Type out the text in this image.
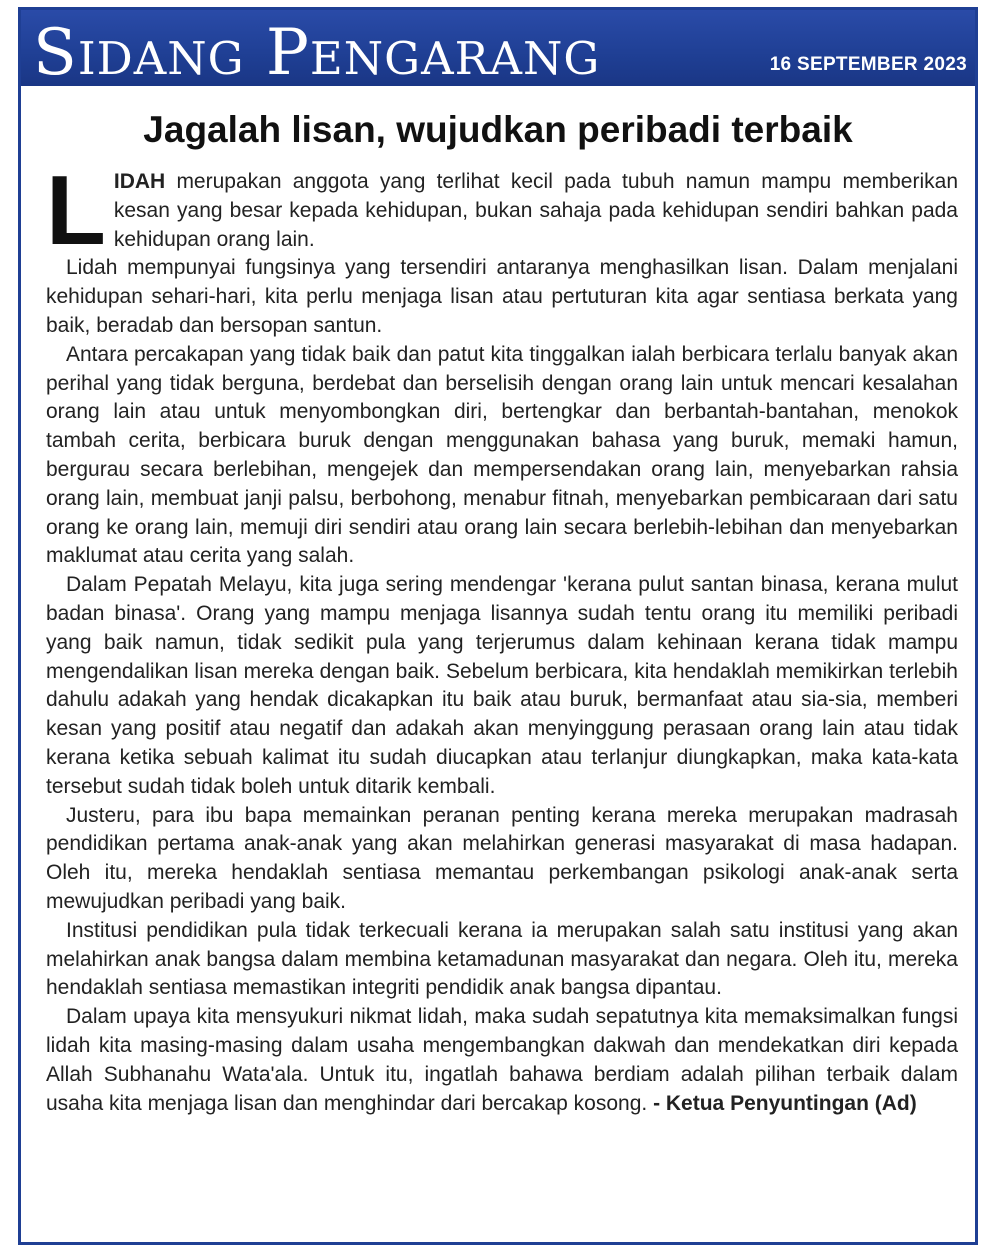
Sidang Pengarang	16 SEPTEMBER 2023
Jagalah lisan, wujudkan peribadi terbaik

LIDAH merupakan anggota yang terlihat kecil pada tubuh namun mampu memberikan kesan yang besar kepada kehidupan, bukan sahaja pada kehidupan sendiri bahkan pada kehidupan orang lain.

Lidah mempunyai fungsinya yang tersendiri antaranya menghasilkan lisan. Dalam menjalani kehidupan sehari-hari, kita perlu menjaga lisan atau pertuturan kita agar sentiasa berkata yang baik, beradab dan bersopan santun.

Antara percakapan yang tidak baik dan patut kita tinggalkan ialah berbicara terlalu banyak akan perihal yang tidak berguna, berdebat dan berselisih dengan orang lain untuk mencari kesalahan orang lain atau untuk menyombongkan diri, bertengkar dan berbantah-bantahan, menokok tambah cerita, berbicara buruk dengan menggunakan bahasa yang buruk, memaki hamun, bergurau secara berlebihan, mengejek dan mempersendakan orang lain, menyebarkan rahsia orang lain, membuat janji palsu, berbohong, menabur fitnah, menyebarkan pembicaraan dari satu orang ke orang lain, memuji diri sendiri atau orang lain secara berlebih-lebihan dan menyebarkan maklumat atau cerita yang salah.

Dalam Pepatah Melayu, kita juga sering mendengar 'kerana pulut santan binasa, kerana mulut badan binasa'. Orang yang mampu menjaga lisannya sudah tentu orang itu memiliki peribadi yang baik namun, tidak sedikit pula yang terjerumus dalam kehinaan kerana tidak mampu mengendalikan lisan mereka dengan baik. Sebelum berbicara, kita hendaklah memikirkan terlebih dahulu adakah yang hendak dicakapkan itu baik atau buruk, bermanfaat atau sia-sia, memberi kesan yang positif atau negatif dan adakah akan menyinggung perasaan orang lain atau tidak kerana ketika sebuah kalimat itu sudah diucapkan atau terlanjur diungkapkan, maka kata-kata tersebut sudah tidak boleh untuk ditarik kembali.

Justeru, para ibu bapa memainkan peranan penting kerana mereka merupakan madrasah pendidikan pertama anak-anak yang akan melahirkan generasi masyarakat di masa hadapan. Oleh itu, mereka hendaklah sentiasa memantau perkembangan psikologi anak-anak serta mewujudkan peribadi yang baik.

Institusi pendidikan pula tidak terkecuali kerana ia merupakan salah satu institusi yang akan melahirkan anak bangsa dalam membina ketamadunan masyarakat dan negara. Oleh itu, mereka hendaklah sentiasa memastikan integriti pendidik anak bangsa dipantau.

Dalam upaya kita mensyukuri nikmat lidah, maka sudah sepatutnya kita memaksimalkan fungsi lidah kita masing-masing dalam usaha mengembangkan dakwah dan mendekatkan diri kepada Allah Subhanahu Wata'ala. Untuk itu, ingatlah bahawa berdiam adalah pilihan terbaik dalam usaha kita menjaga lisan dan menghindar dari bercakap kosong. - Ketua Penyuntingan (Ad)
